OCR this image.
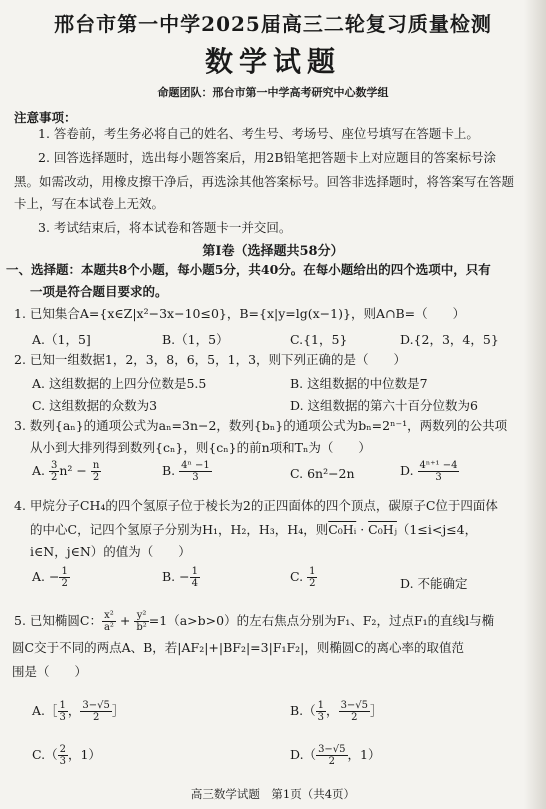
邢台市第一中学2025届高三二轮复习质量检测
数学试题
命题团队：邢台市第一中学高考研究中心数学组
注意事项：
1. 答卷前，考生务必将自己的姓名、考生号、考场号、座位号填写在答题卡上。
2. 回答选择题时，选出每小题答案后，用2B铅笔把答题卡上对应题目的答案标号涂
黑。如需改动，用橡皮擦干净后，再选涂其他答案标号。回答非选择题时，将答案写在答题
卡上，写在本试卷上无效。
3. 考试结束后，将本试卷和答题卡一并交回。
第Ⅰ卷（选择题共58分）
一、选择题：本题共8个小题，每小题5分，共40分。在每小题给出的四个选项中，只有
一项是符合题目要求的。
1. 已知集合A={x∈Z|x²−3x−10≤0}，B={x|y=lg(x−1)}，则A∩B=（　　）
A.（1，5]	B.（1，5）	C.{1，5}	D.{2，3，4，5}
2. 已知一组数据1，2，3，8，6，5，1，3，则下列正确的是（　　）
A. 这组数据的上四分位数是5.5	B. 这组数据的中位数是7
C. 这组数据的众数为3	D. 这组数据的第六十百分位数为6
3. 数列{aₙ}的通项公式为aₙ=3n−2，数列{bₙ}的通项公式为bₙ=2ⁿ⁻¹，两数列的公共项
从小到大排列得到数列{cₙ}，则{cₙ}的前n项和Tₙ为（　　）
A. $\frac{3}{2} n^2 - \frac{n}{2}$	B. $\frac{\text{4ⁿ −1}}{3}$	C. 6n²−2n	D. $\frac{\text{4ⁿ⁺¹ −4}}{3}$
4. 甲烷分子CH₄的四个氢原子位于棱长为2的正四面体的四个顶点，碳原子C位于四面体
的中心C，记四个氢原子分别为H₁，H₂，H₃，H₄，则C₀Hᵢ · C₀Hⱼ（1≤i<j≤4，
i∈N，j∈N）的值为（　　）
A. − $\frac{1}{2}$	B. − $\frac{1}{4}$	C. $\frac{1}{2}$	D. 不能确定
5. 已知椭圆C： $\frac{\text{x²}}{\text{a²}} + \frac{\text{y²}}{\text{b²}} =1(a>b>0)$的左右焦点分别为F₁、F₂，过点F₁的直线l与椭
圆C交于不同的两点A、B，若|AF₂|+|BF₂|=3|F₁F₂|，则椭圆C的离心率的取值范
围是（　　）
A.［ $\frac{1}{3}$ ， $\frac{3-√5}{2}$ ］	$B.( \frac{1}{3}$ ， $\frac{3-√5}{2}$ ］
$C.( \frac{2}{3}$ ，1）	$D.( \frac{3-√5}{2}$ ，1）
高三数学试题　第1页（共4页）
